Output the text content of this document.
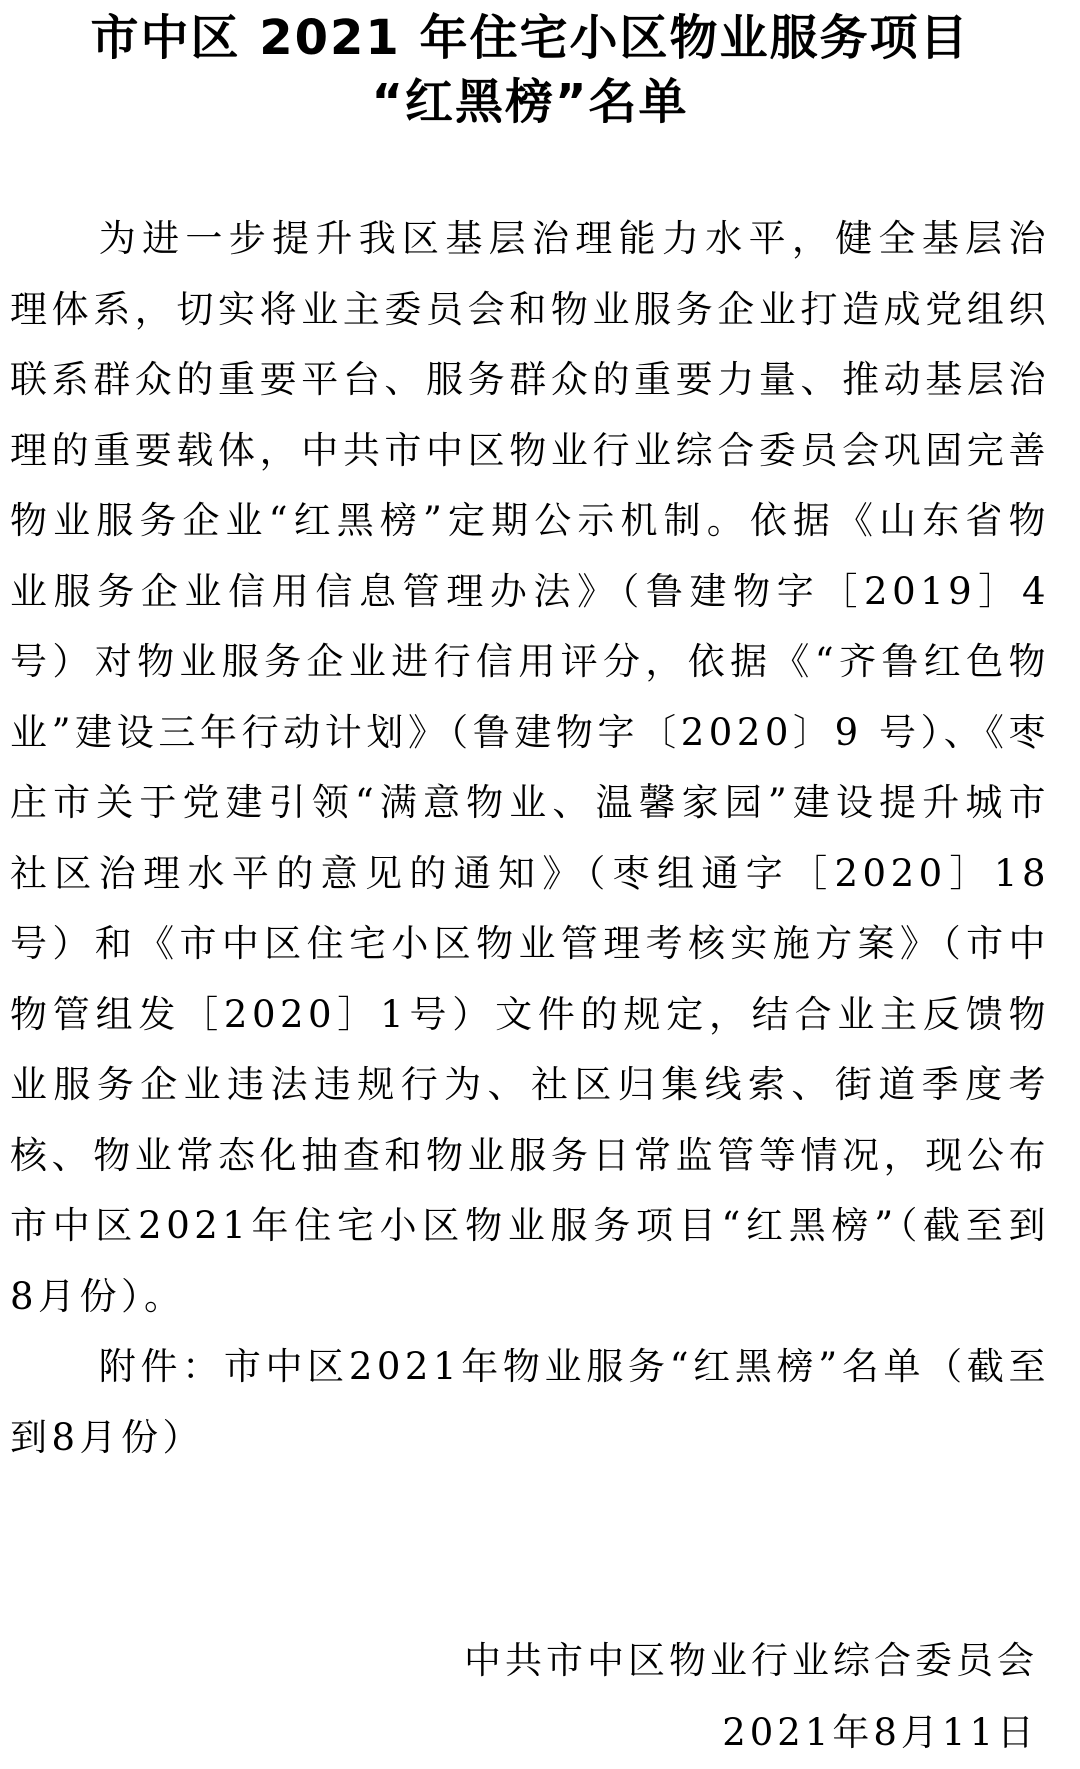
市中区 2021 年住宅小区物业服务项目
“红黑榜”名单

为进一步提升我区基层治理能力水平，健全基层治理体系，切实将业主委员会和物业服务企业打造成党组织联系群众的重要平台、服务群众的重要力量、推动基层治理的重要载体，中共市中区物业行业综合委员会巩固完善物业服务企业“红黑榜”定期公示机制。依据《山东省物业服务企业信用信息管理办法》（鲁建物字［2019］4号）对物业服务企业进行信用评分，依据《“齐鲁红色物业”建设三年行动计划》（鲁建物字〔2020〕9 号）、《枣庄市关于党建引领“满意物业、温馨家园”建设提升城市社区治理水平的意见的通知》（枣组通字［2020］18号）和《市中区住宅小区物业管理考核实施方案》（市中物管组发［2020］1号）文件的规定，结合业主反馈物业服务企业违法违规行为、社区归集线索、街道季度考核、物业常态化抽查和物业服务日常监管等情况，现公布市中区2021年住宅小区物业服务项目“红黑榜”（截至到8月份）。

附件：市中区2021年物业服务“红黑榜”名单（截至到8月份）

中共市中区物业行业综合委员会
2021年8月11日
